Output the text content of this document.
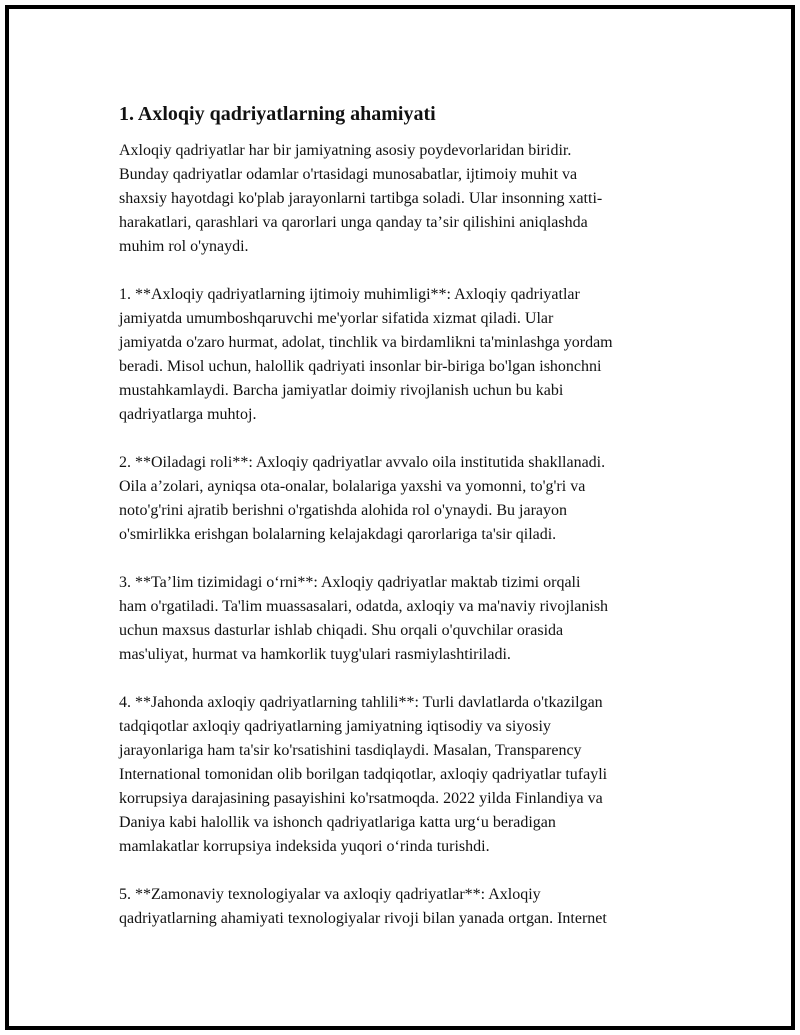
1. Axloqiy qadriyatlarning ahamiyati

Axloqiy qadriyatlar har bir jamiyatning asosiy poydevorlaridan biridir.
Bunday qadriyatlar odamlar o'rtasidagi munosabatlar, ijtimoiy muhit va
shaxsiy hayotdagi ko'plab jarayonlarni tartibga soladi. Ular insonning xatti-
harakatlari, qarashlari va qarorlari unga qanday taʼsir qilishini aniqlashda
muhim rol o'ynaydi.

1. **Axloqiy qadriyatlarning ijtimoiy muhimligi**: Axloqiy qadriyatlar
jamiyatda umumboshqaruvchi me'yorlar sifatida xizmat qiladi. Ular
jamiyatda o'zaro hurmat, adolat, tinchlik va birdamlikni ta'minlashga yordam
beradi. Misol uchun, halollik qadriyati insonlar bir-biriga bo'lgan ishonchni
mustahkamlaydi. Barcha jamiyatlar doimiy rivojlanish uchun bu kabi
qadriyatlarga muhtoj.

2. **Oiladagi roli**: Axloqiy qadriyatlar avvalo oila institutida shakllanadi.
Oila aʼzolari, ayniqsa ota-onalar, bolalariga yaxshi va yomonni, to'g'ri va
noto'g'rini ajratib berishni o'rgatishda alohida rol o'ynaydi. Bu jarayon
o'smirlikka erishgan bolalarning kelajakdagi qarorlariga ta'sir qiladi.

3. **Taʼlim tizimidagi oʻrni**: Axloqiy qadriyatlar maktab tizimi orqali
ham o'rgatiladi. Ta'lim muassasalari, odatda, axloqiy va ma'naviy rivojlanish
uchun maxsus dasturlar ishlab chiqadi. Shu orqali o'quvchilar orasida
mas'uliyat, hurmat va hamkorlik tuyg'ulari rasmiylashtiriladi.

4. **Jahonda axloqiy qadriyatlarning tahlili**: Turli davlatlarda o'tkazilgan
tadqiqotlar axloqiy qadriyatlarning jamiyatning iqtisodiy va siyosiy
jarayonlariga ham ta'sir ko'rsatishini tasdiqlaydi. Masalan, Transparency
International tomonidan olib borilgan tadqiqotlar, axloqiy qadriyatlar tufayli
korrupsiya darajasining pasayishini ko'rsatmoqda. 2022 yilda Finlandiya va
Daniya kabi halollik va ishonch qadriyatlariga katta urgʻu beradigan
mamlakatlar korrupsiya indeksida yuqori oʻrinda turishdi.

5. **Zamonaviy texnologiyalar va axloqiy qadriyatlar**: Axloqiy
qadriyatlarning ahamiyati texnologiyalar rivoji bilan yanada ortgan. Internet
